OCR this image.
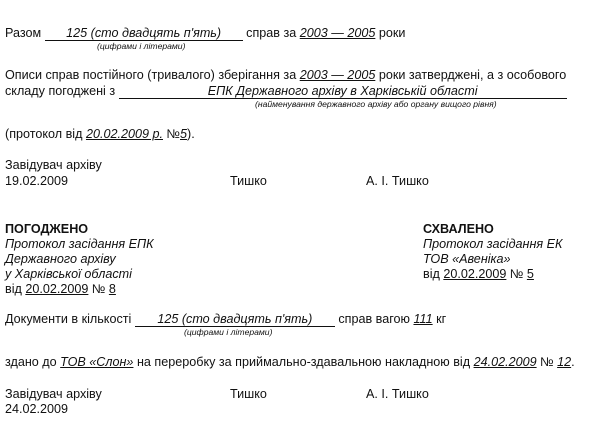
Разом 125 (сто двадцять п'ять) справ за 2003 — 2005 роки
(цифрами і літерами)
Описи справ постійного (тривалого) зберігання за 2003 — 2005 роки затверджені, а з особового
складу погоджені з	ЕПК Державного архіву в Харківській області
(найменування державного архіву або органу вищого рівня)
(протокол від 20.02.2009 р. №5).
Завідувач архіву
19.02.2009	Тишко	А. І. Тишко
ПОГОДЖЕНО
Протокол засідання ЕПК
Державного архіву
у Харківської області
від 20.02.2009 № 8
СХВАЛЕНО
Протокол засідання ЕК
ТОВ «Авеніка»
від 20.02.2009 № 5
Документи в кількості 125 (сто двадцять п'ять) справ вагою 111 кг
(цифрами і літерами)
здано до ТОВ «Слон» на переробку за приймально-здавальною накладною від 24.02.2009 № 12.
Завідувач архіву
24.02.2009
Тишко	А. І. Тишко
